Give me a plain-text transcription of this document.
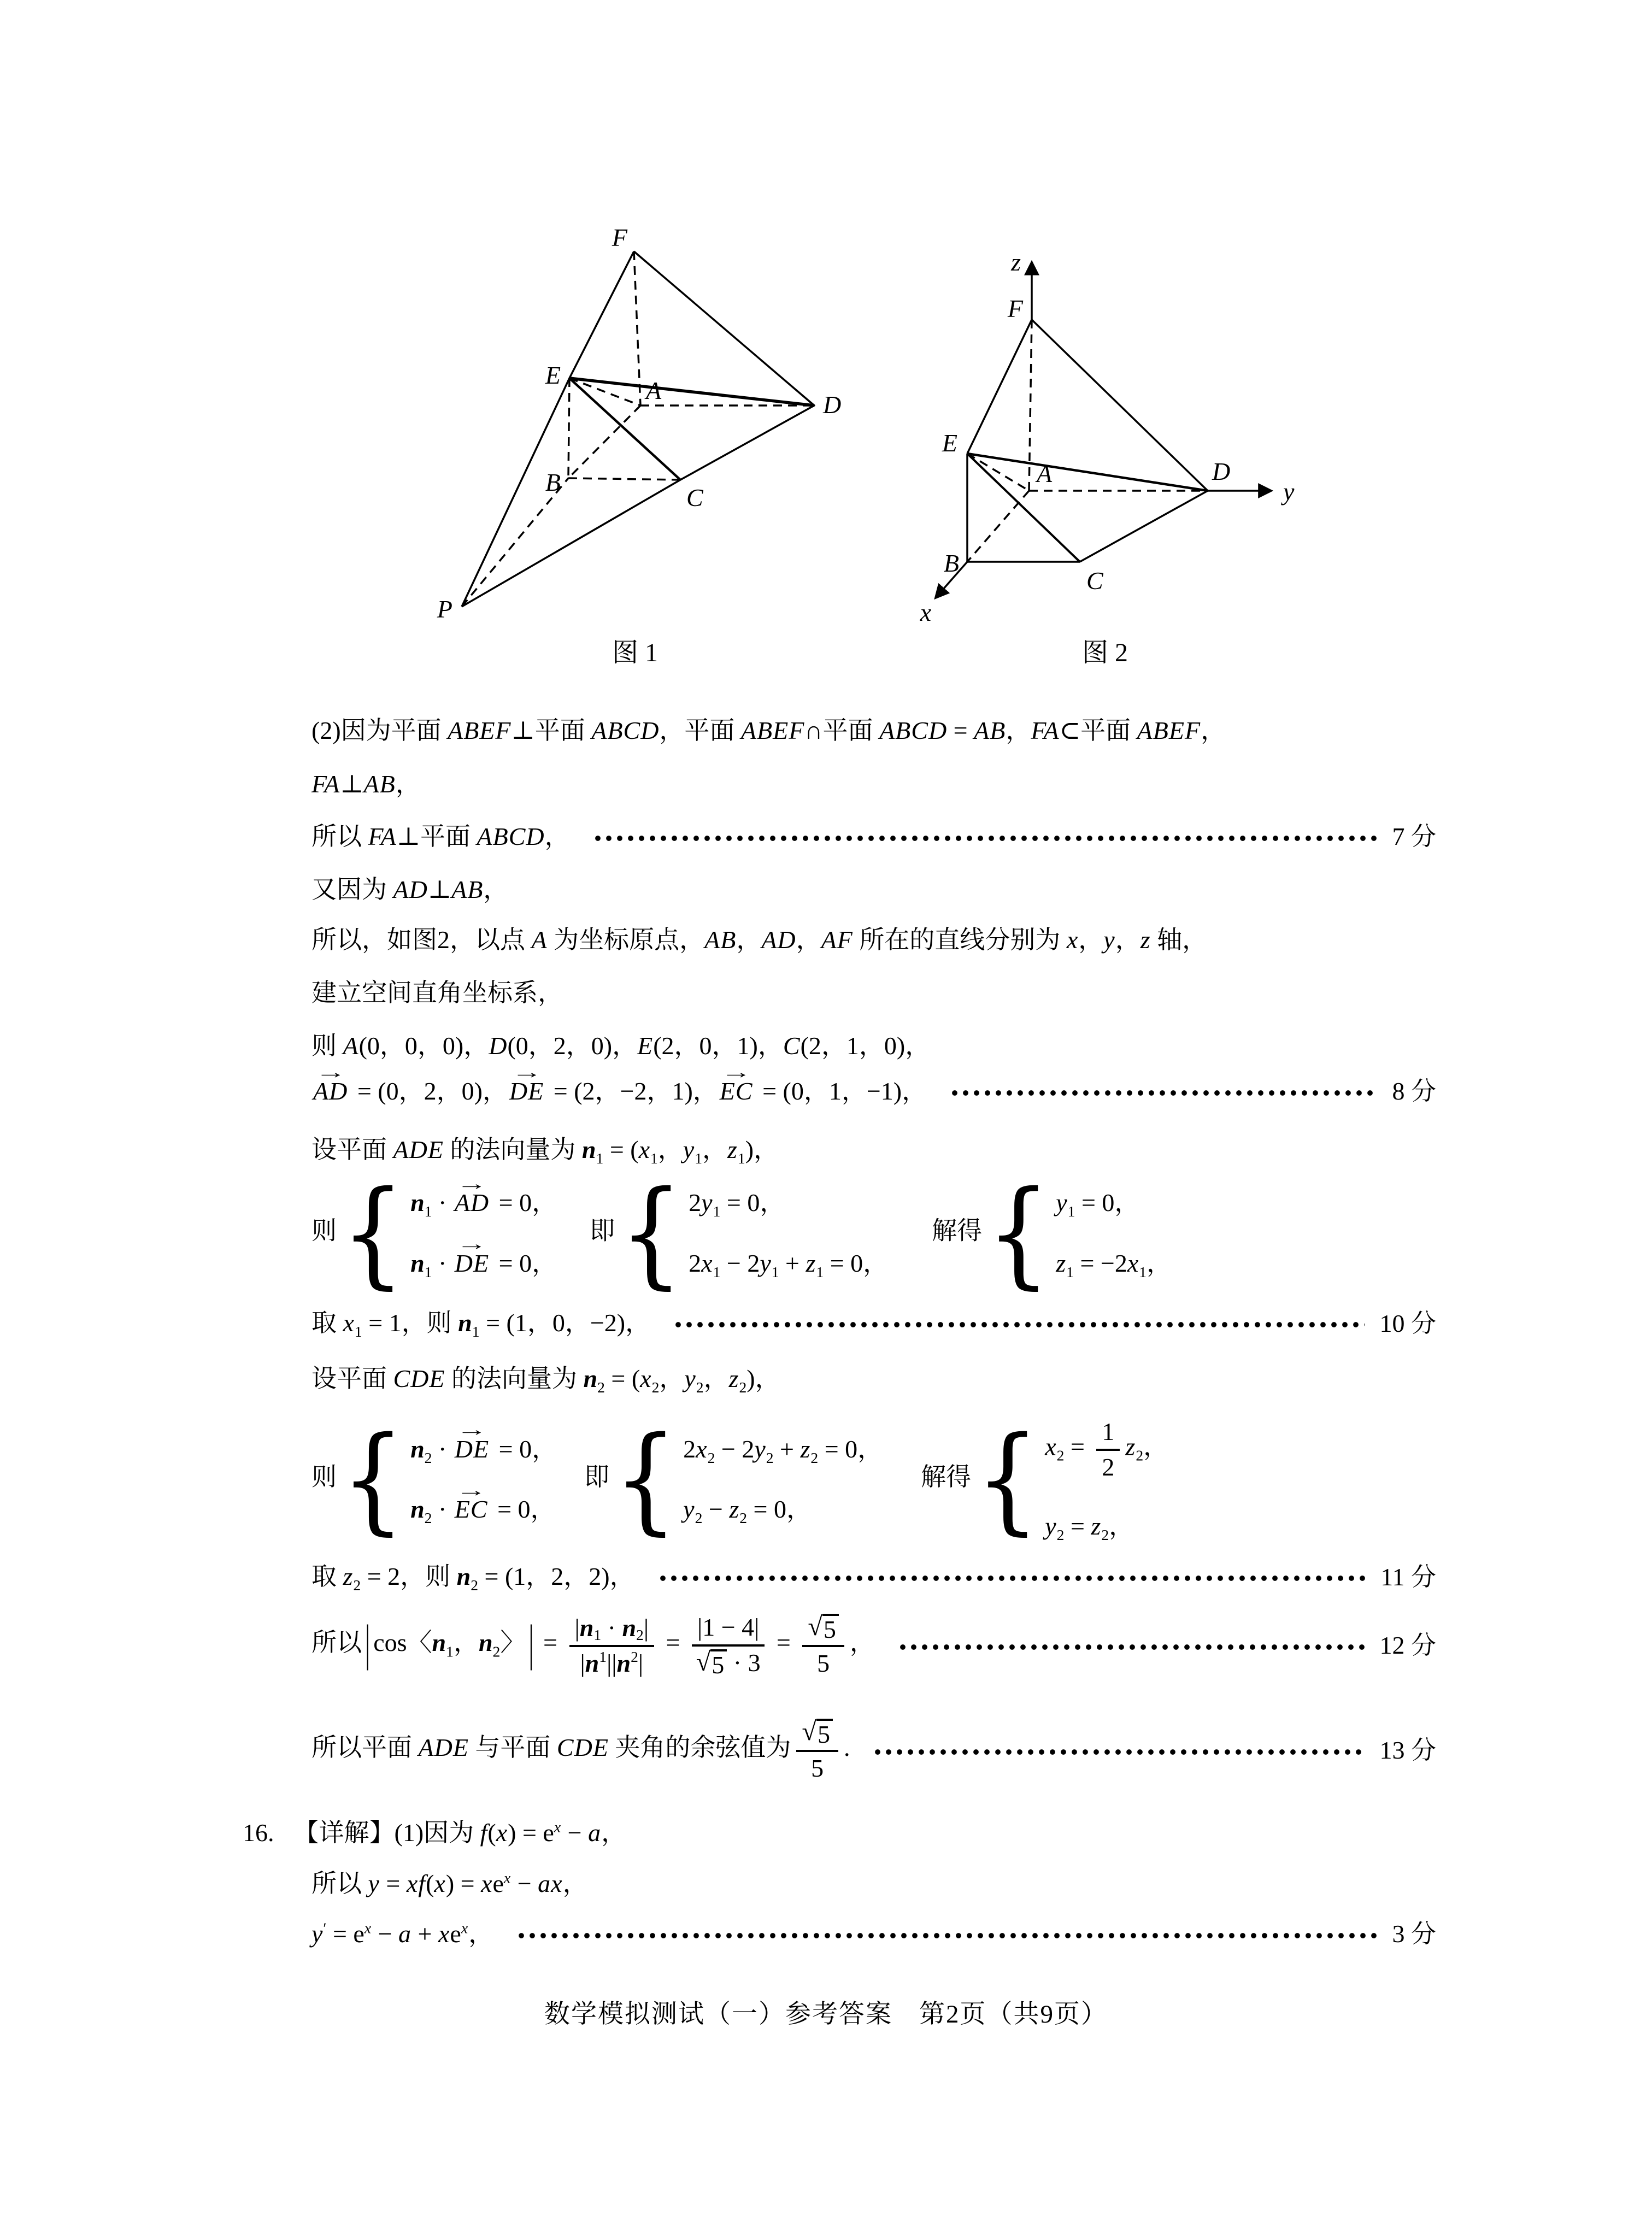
F
E
A
D
B
C
P
图 1
z
F
E
A	D
y
B
C
x
图 2
(2)因为平面 ABEF⊥平面 ABCD，平面 ABEF∩平面 ABCD = AB，FA⊂平面 ABEF，
FA⊥AB，
所以 FA⊥平面 ABCD，	7 分
又因为 AD⊥AB，
所以，如图2，以点 A 为坐标原点，AB，AD，AF 所在的直线分别为 x，y，z 轴，
建立空间直角坐标系，
则 A(0，0，0)，D(0，2，0)，E(2，0，1)，C(2，1，0)，
→
AD = (0，2，0)，
→
DE = (2，−2，1)，
→
EC = (0，1，−1)，	8 分
设平面 ADE 的法向量为 $n_1 = (x_1$，$y_1$，$z_1$)，
则 { $n_1$ ·
→
AD = 0，
$n_1$ ·
→
DE = 0，
即 { $2y_1 = 0$，
$2x_1 - 2y_1 + z_1 = 0$，
解得 { $y_1 = 0$，
$z_1 = -2x_1$，
取 $x_1 = 1$，则 $n_1 = (1$，0，−2)，	10 分
设平面 CDE 的法向量为 $n_2 = (x_2$，$y_2$，$z_2$)，
则 { $n_2$ ·
→
DE = 0，
$n_2$ ·
→
EC = 0，
即 { $2x_2 - 2y_2 + z_2 = 0$，
$y_2 - z_2 = 0$，
解得 { $x_2 = \frac{1}{2} z_2$，
$y_2 = z_2$，
取 $z_2 = 2$，则 $n_2 = (1$，2，2)，	11 分
所以 | cos〈$n_1$，$n_2$〉 | = $\frac{| n_1 \cdot n_2 |}{| n 1 || n 2 |} = \frac{|1 - 4|}{√ 5 \cdot 3} = \frac{√ 5}{5}$ ，	12 分
所以平面 ADE 与平面 CDE 夹角的余弦值为 $\frac{√ 5}{5}$ .	13 分
16. 【详解】(1)因为 $f(x) = e^x - a$，
所以 $y = xf(x) = xe^x$ − ax，
$y' = e^x - a + xe^x$，	3 分
数学模拟测试（一）参考答案　第2页（共9页）
